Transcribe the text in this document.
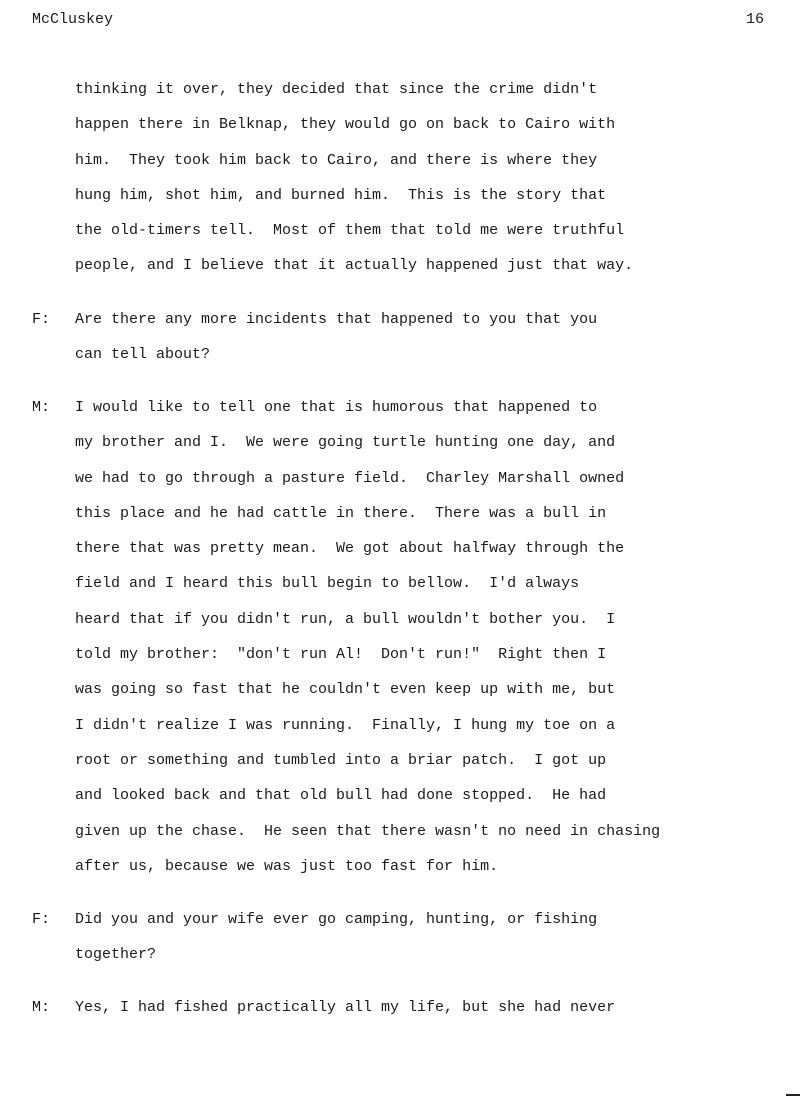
McCluskey	16
thinking it over, they decided that since the crime didn't
happen there in Belknap, they would go on back to Cairo with
him.  They took him back to Cairo, and there is where they
hung him, shot him, and burned him.  This is the story that
the old-timers tell.  Most of them that told me were truthful
people, and I believe that it actually happened just that way.
F: Are there any more incidents that happened to you that you
can tell about?
M: I would like to tell one that is humorous that happened to
my brother and I.  We were going turtle hunting one day, and
we had to go through a pasture field.  Charley Marshall owned
this place and he had cattle in there.  There was a bull in
there that was pretty mean.  We got about halfway through the
field and I heard this bull begin to bellow.  I'd always
heard that if you didn't run, a bull wouldn't bother you.  I
told my brother:  "don't run Al!  Don't run!"  Right then I
was going so fast that he couldn't even keep up with me, but
I didn't realize I was running.  Finally, I hung my toe on a
root or something and tumbled into a briar patch.  I got up
and looked back and that old bull had done stopped.  He had
given up the chase.  He seen that there wasn't no need in chasing
after us, because we was just too fast for him.
F: Did you and your wife ever go camping, hunting, or fishing
together?
M: Yes, I had fished practically all my life, but she had never
